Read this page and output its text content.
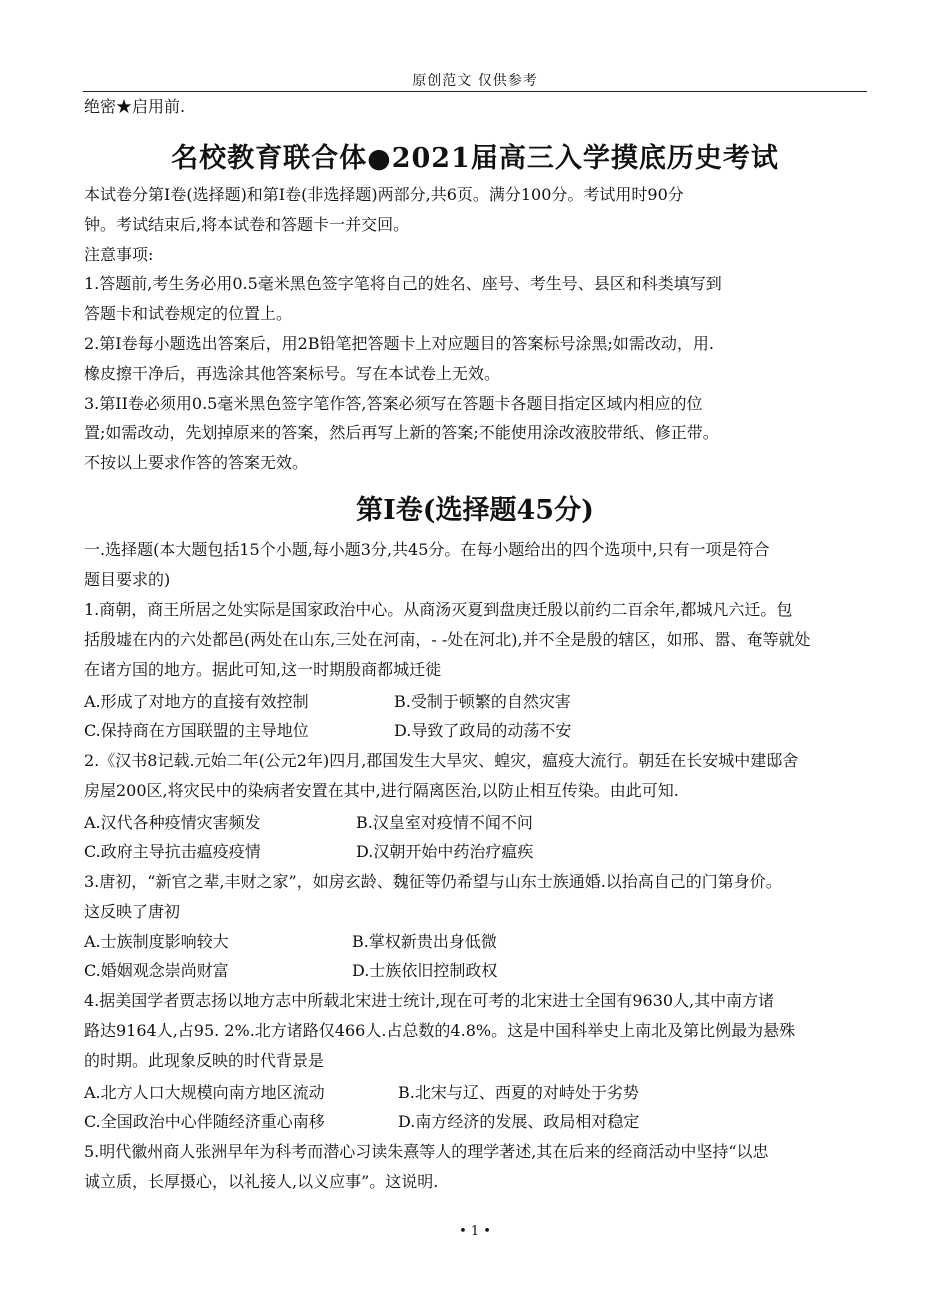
原创范文 仅供参考
绝密★启用前.
名校教育联合体●2021届高三入学摸底历史考试
本试卷分第I卷(选择题)和第I卷(非选择题)两部分,共6页。满分100分。考试用时90分
钟。考试结束后,将本试卷和答题卡一并交回。
注意事项:
1.答题前,考生务必用0.5毫米黑色签字笔将自己的姓名、座号、考生号、县区和科类填写到
答题卡和试卷规定的位置上。
2.第I卷每小题选出答案后，用2B铅笔把答题卡上对应题目的答案标号涂黑;如需改动，用.
橡皮擦干净后，再选涂其他答案标号。写在本试卷上无效。
3.第II卷必须用0.5毫米黑色签字笔作答,答案必须写在答题卡各题目指定区域内相应的位
置;如需改动，先划掉原来的答案，然后再写上新的答案;不能使用涂改液胶带纸、修正带。
不按以上要求作答的答案无效。
第I卷(选择题45分)
一.选择题(本大题包括15个小题,每小题3分,共45分。在每小题给出的四个选项中,只有一项是符合
题目要求的)
1.商朝，商王所居之处实际是国家政治中心。从商汤灭夏到盘庚迁殷以前约二百余年,都城凡六迁。包
括殷墟在内的六处都邑(两处在山东,三处在河南，- -处在河北),并不全是殷的辖区，如邢、嚣、奄等就处
在诸方国的地方。据此可知,这一时期殷商都城迁徙
A.形成了对地方的直接有效控制	B.受制于顿繁的自然灾害
C.保持商在方国联盟的主导地位	D.导致了政局的动荡不安
2.《汉书8记载.元始二年(公元2年)四月,郡国发生大旱灾、蝗灾，瘟疫大流行。朝廷在长安城中建邸舍
房屋200区,将灾民中的染病者安置在其中,进行隔离医治,以防止相互传染。由此可知.
A.汉代各种疫情灾害频发	B.汉皇室对疫情不闻不问
C.政府主导抗击瘟疫疫情	D.汉朝开始中药治疗瘟疾
3.唐初，“新官之辈,丰财之家”，如房玄龄、魏征等仍希望与山东士族通婚.以抬高自己的门第身价。
这反映了唐初
A.士族制度影响较大	B.掌权新贵出身低微
C.婚姻观念崇尚财富	D.士族依旧控制政权
4.据美国学者贾志扬以地方志中所载北宋进士统计,现在可考的北宋进士全国有9630人,其中南方诸
路达9164人,占95. 2%.北方诸路仅466人.占总数的4.8%。这是中国科举史上南北及第比例最为悬殊
的时期。此现象反映的时代背景是
A.北方人口大规模向南方地区流动	B.北宋与辽、西夏的对峙处于劣势
C.全国政治中心伴随经济重心南移	D.南方经济的发展、政局相对稳定
5.明代徽州商人张洲早年为科考而潜心习读朱熹等人的理学著述,其在后来的经商活动中坚持“以忠
诚立质，长厚摄心，以礼接人,以义应事”。这说明.
• 1 •
